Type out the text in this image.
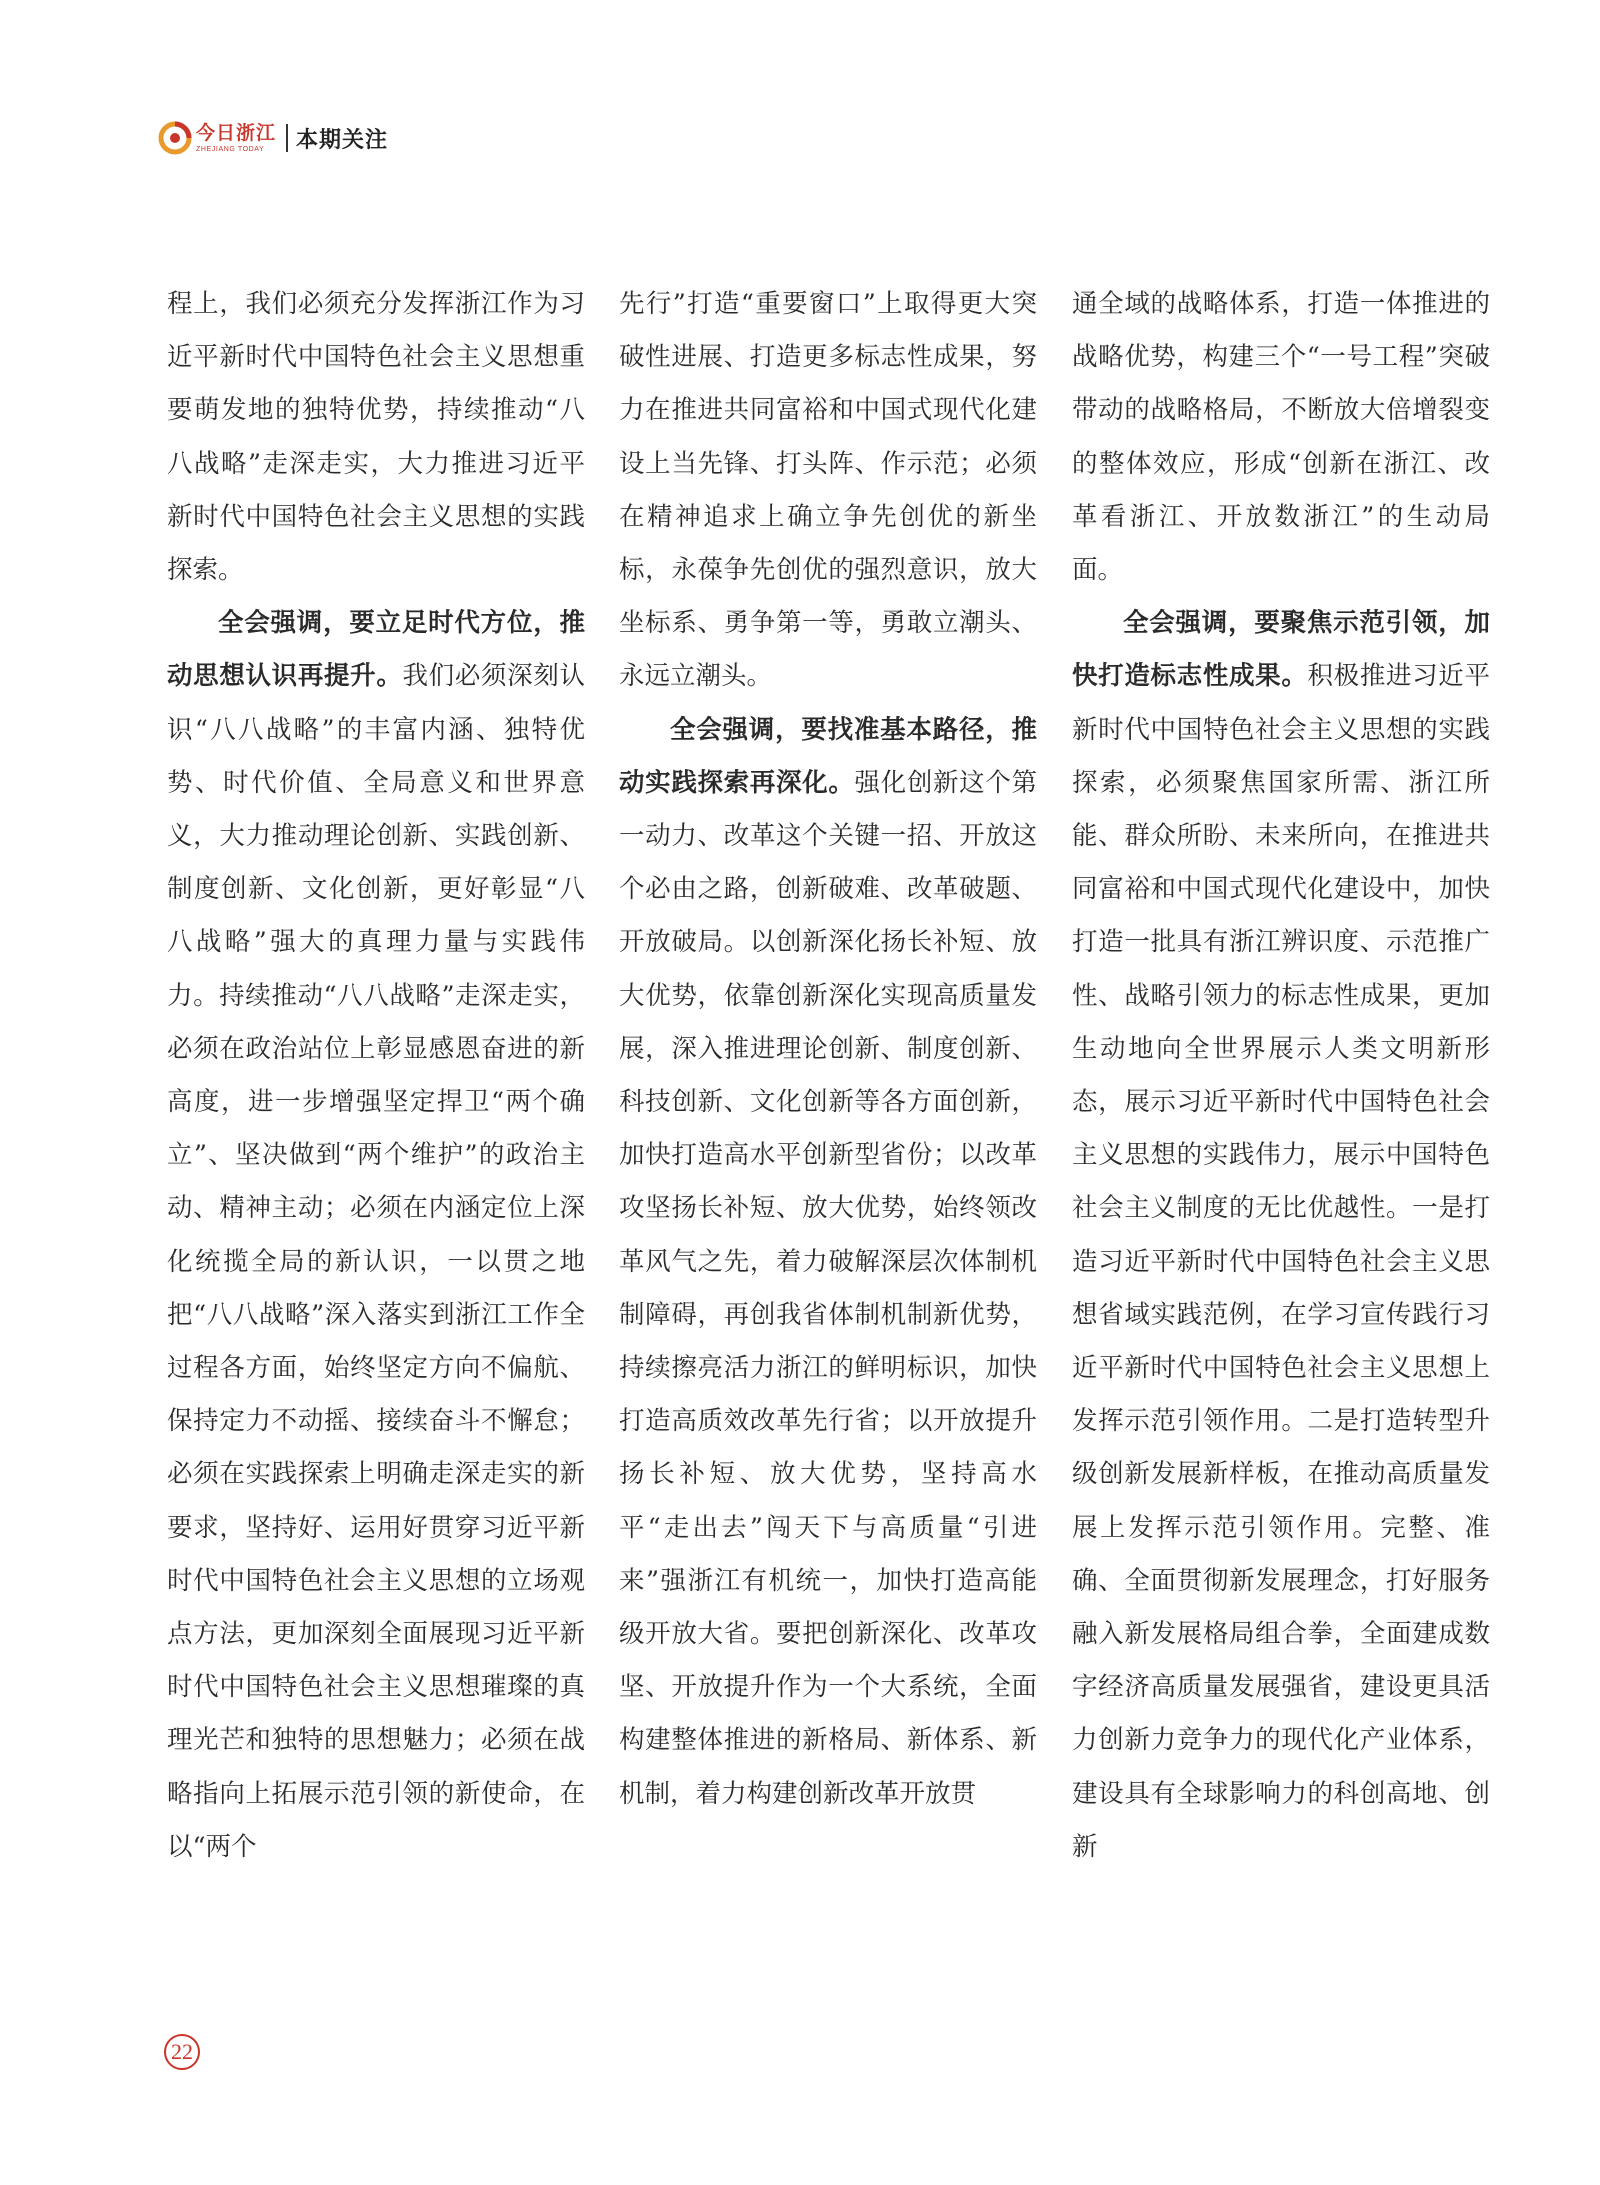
今日浙江
ZHEJIANG TODAY	本期关注

程上，我们必须充分发挥浙江作为习近平新时代中国特色社会主义思想重要萌发地的独特优势，持续推动“八八战略”走深走实，大力推进习近平新时代中国特色社会主义思想的实践探索。

全会强调，要立足时代方位，推动思想认识再提升。我们必须深刻认识“八八战略”的丰富内涵、独特优势、时代价值、全局意义和世界意义，大力推动理论创新、实践创新、制度创新、文化创新，更好彰显“八八战略”强大的真理力量与实践伟力。持续推动“八八战略”走深走实，必须在政治站位上彰显感恩奋进的新高度，进一步增强坚定捍卫“两个确立”、坚决做到“两个维护”的政治主动、精神主动；必须在内涵定位上深化统揽全局的新认识，一以贯之地把“八八战略”深入落实到浙江工作全过程各方面，始终坚定方向不偏航、保持定力不动摇、接续奋斗不懈怠；必须在实践探索上明确走深走实的新要求，坚持好、运用好贯穿习近平新时代中国特色社会主义思想的立场观点方法，更加深刻全面展现习近平新时代中国特色社会主义思想璀璨的真理光芒和独特的思想魅力；必须在战略指向上拓展示范引领的新使命，在以“两个

先行”打造“重要窗口”上取得更大突破性进展、打造更多标志性成果，努力在推进共同富裕和中国式现代化建设上当先锋、打头阵、作示范；必须在精神追求上确立争先创优的新坐标，永葆争先创优的强烈意识，放大坐标系、勇争第一等，勇敢立潮头、永远立潮头。

全会强调，要找准基本路径，推动实践探索再深化。强化创新这个第一动力、改革这个关键一招、开放这个必由之路，创新破难、改革破题、开放破局。以创新深化扬长补短、放大优势，依靠创新深化实现高质量发展，深入推进理论创新、制度创新、科技创新、文化创新等各方面创新，加快打造高水平创新型省份；以改革攻坚扬长补短、放大优势，始终领改革风气之先，着力破解深层次体制机制障碍，再创我省体制机制新优势，持续擦亮活力浙江的鲜明标识，加快打造高质效改革先行省；以开放提升扬长补短、放大优势，坚持高水平“走出去”闯天下与高质量“引进来”强浙江有机统一，加快打造高能级开放大省。要把创新深化、改革攻坚、开放提升作为一个大系统，全面构建整体推进的新格局、新体系、新机制，着力构建创新改革开放贯

通全域的战略体系，打造一体推进的战略优势，构建三个“一号工程”突破带动的战略格局，不断放大倍增裂变的整体效应，形成“创新在浙江、改革看浙江、开放数浙江”的生动局面。

全会强调，要聚焦示范引领，加快打造标志性成果。积极推进习近平新时代中国特色社会主义思想的实践探索，必须聚焦国家所需、浙江所能、群众所盼、未来所向，在推进共同富裕和中国式现代化建设中，加快打造一批具有浙江辨识度、示范推广性、战略引领力的标志性成果，更加生动地向全世界展示人类文明新形态，展示习近平新时代中国特色社会主义思想的实践伟力，展示中国特色社会主义制度的无比优越性。一是打造习近平新时代中国特色社会主义思想省域实践范例，在学习宣传践行习近平新时代中国特色社会主义思想上发挥示范引领作用。二是打造转型升级创新发展新样板，在推动高质量发展上发挥示范引领作用。完整、准确、全面贯彻新发展理念，打好服务融入新发展格局组合拳，全面建成数字经济高质量发展强省，建设更具活力创新力竞争力的现代化产业体系，建设具有全球影响力的科创高地、创新

22
